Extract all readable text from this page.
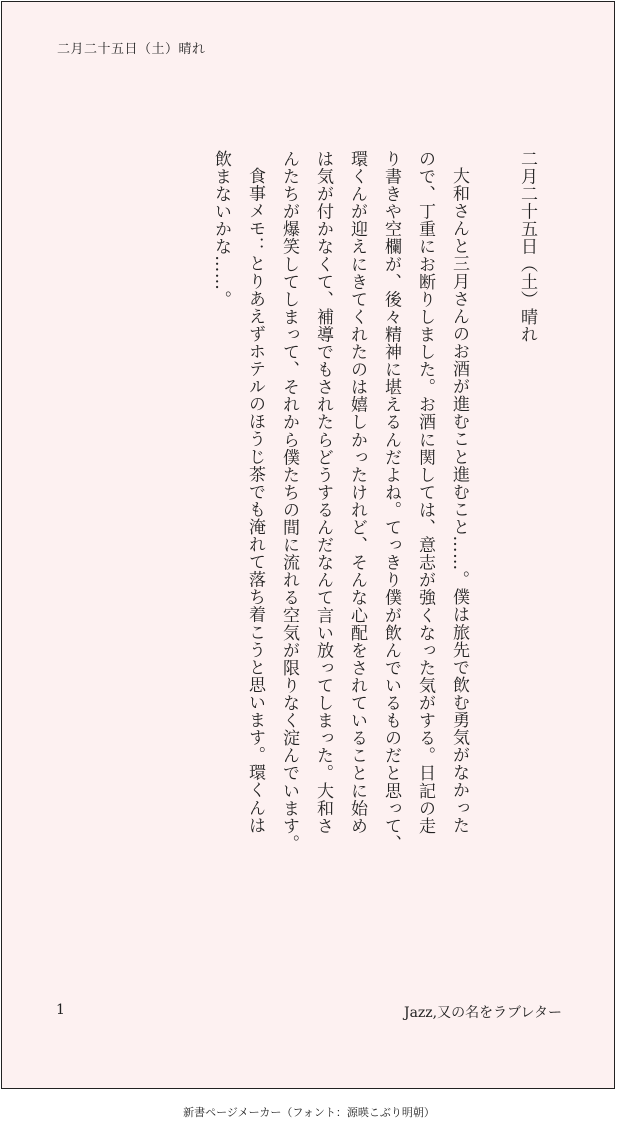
二月二十五日（土）晴れ

二月二十五日（土）晴れ

大和さんと三月さんのお酒が進むこと進むこと……。僕は旅先で飲む勇気がなかった

ので、丁重にお断りしました。お酒に関しては、意志が強くなった気がする。日記の走

り書きや空欄が、後々精神に堪えるんだよね。てっきり僕が飲んでいるものだと思って、

環くんが迎えにきてくれたのは嬉しかったけれど、そんな心配をされていることに始め

は気が付かなくて、補導でもされたらどうするんだなんて言い放ってしまった。大和さ

んたちが爆笑してしまって、それから僕たちの間に流れる空気が限りなく淀んでいます。

食事メモ：とりあえずホテルのほうじ茶でも淹れて落ち着こうと思います。環くんは

飲まないかな……。

1	Jazz,又の名をラブレター
新書ページメーカー（フォント：源暎こぶり明朝）
